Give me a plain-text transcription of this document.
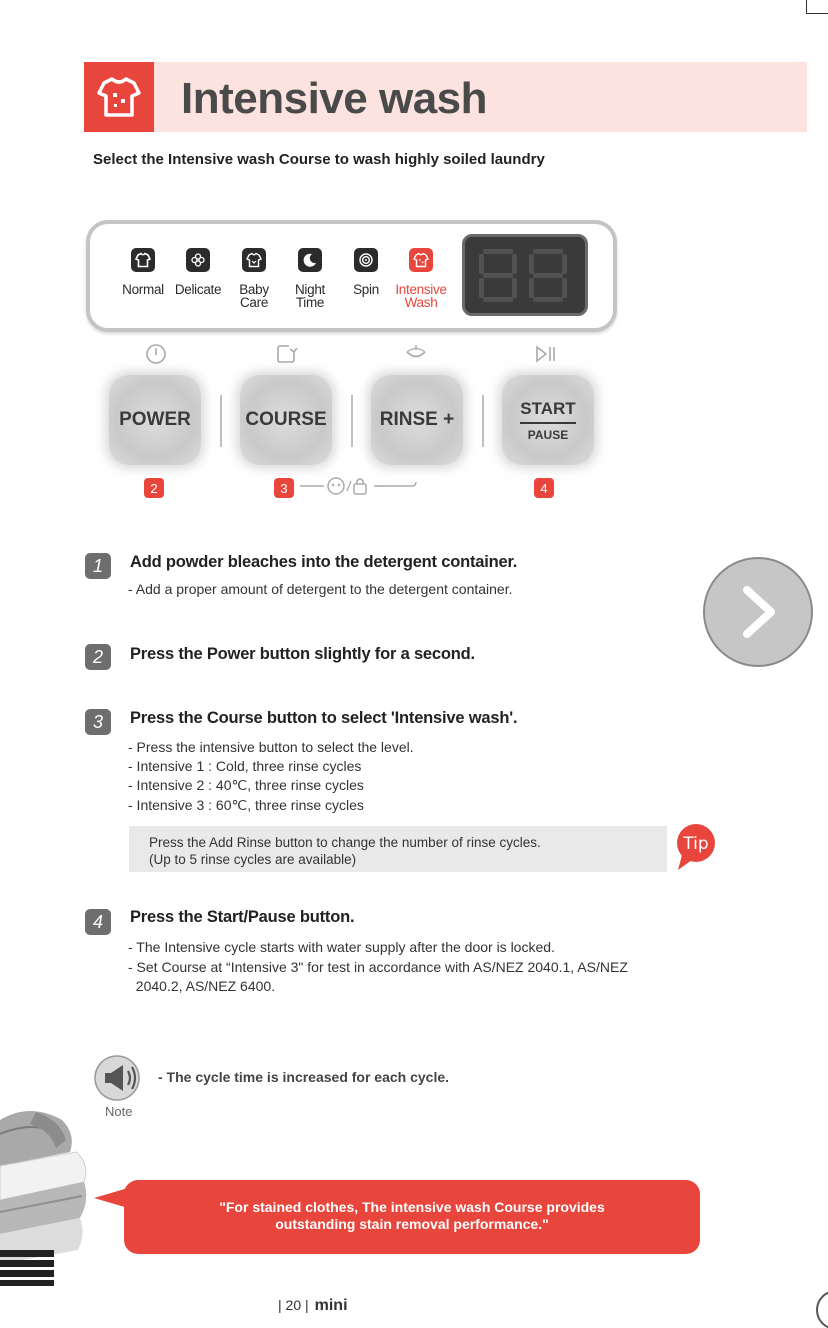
Intensive wash
Select the Intensive wash Course to wash highly soiled laundry
Normal Delicate	Baby
Care
Night
Time
Spin	Intensive
Wash
POWER	COURSE	RINSE +
START
PAUSE
2	3	4
1	Add powder bleaches into the detergent container.
- Add a proper amount of detergent to the detergent container.
2	Press the Power button slightly for a second.
3	Press the Course button to select 'Intensive wash'.
- Press the intensive button to select the level.
- Intensive 1 : Cold, three rinse cycles
- Intensive 2 : 40℃, three rinse cycles
- Intensive 3 : 60℃, three rinse cycles
Press the Add Rinse button to change the number of rinse cycles.
(Up to 5 rinse cycles are available)
Tip
4	Press the Start/Pause button.
- The Intensive cycle starts with water supply after the door is locked.
- Set Course at “Intensive 3" for test in accordance with AS/NEZ 2040.1, AS/NEZ
2040.2, AS/NEZ 6400.
Note
- The cycle time is increased for each cycle.
"For stained clothes, The intensive wash Course provides
outstanding stain removal performance."
| 20 | mini
